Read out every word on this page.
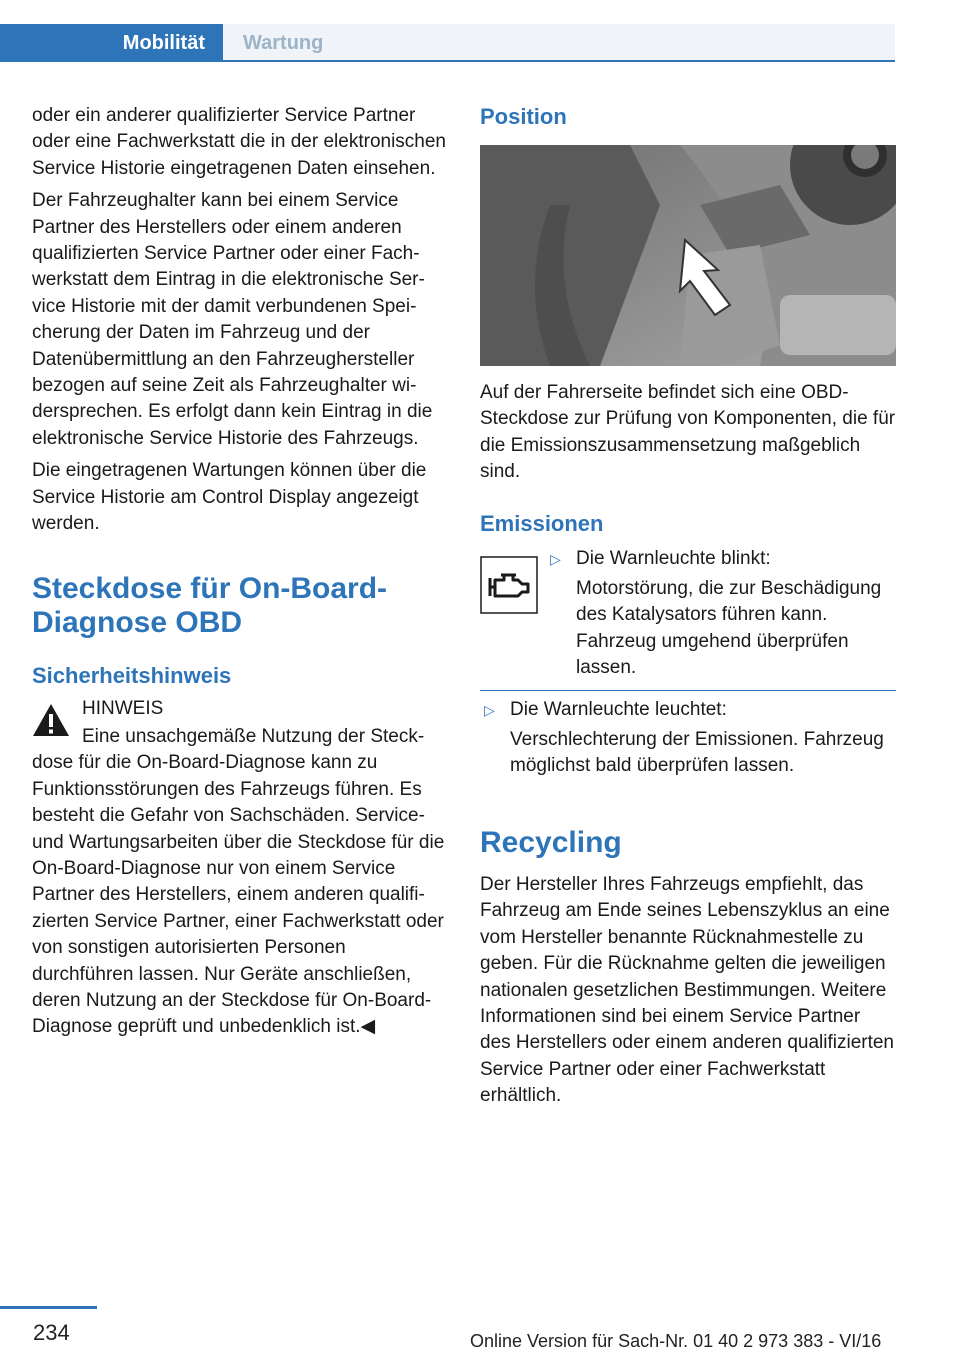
Mobilität	Wartung

oder ein anderer qualifizierter Service Partner oder eine Fachwerkstatt die in der elektronischen Service Historie eingetragenen Daten einsehen.

Der Fahrzeughalter kann bei einem Service Partner des Herstellers oder einem anderen qualifizierten Service Partner oder einer Fachwerkstatt dem Eintrag in die elektronische Service Historie mit der damit verbundenen Speicherung der Daten im Fahrzeug und der Datenübermittlung an den Fahrzeughersteller bezogen auf seine Zeit als Fahrzeughalter widersprechen. Es erfolgt dann kein Eintrag in die elektronische Service Historie des Fahrzeugs.

Die eingetragenen Wartungen können über die Service Historie am Control Display angezeigt werden.

Steckdose für On-Board-Diagnose OBD
Sicherheitshinweis
HINWEIS
Eine unsachgemäße Nutzung der Steckdose für die On-Board-Diagnose kann zu Funktionsstörungen des Fahrzeugs führen. Es besteht die Gefahr von Sachschäden. Service- und Wartungsarbeiten über die Steckdose für die On-Board-Diagnose nur von einem Service Partner des Herstellers, einem anderen qualifizierten Service Partner, einer Fachwerkstatt oder von sonstigen autorisierten Personen durchführen lassen. Nur Geräte anschließen, deren Nutzung an der Steckdose für On-Board-Diagnose geprüft und unbedenklich ist.◀
Position

Auf der Fahrerseite befindet sich eine OBD-Steckdose zur Prüfung von Komponenten, die für die Emissionszusammensetzung maßgeblich sind.

Emissionen
▷ Die Warnleuchte blinkt:
Motorstörung, die zur Beschädigung des Katalysators führen kann. Fahrzeug umgehend überprüfen lassen.
▷ Die Warnleuchte leuchtet:
Verschlechterung der Emissionen. Fahrzeug möglichst bald überprüfen lassen.
Recycling

Der Hersteller Ihres Fahrzeugs empfiehlt, das Fahrzeug am Ende seines Lebenszyklus an eine vom Hersteller benannte Rücknahmestelle zu geben. Für die Rücknahme gelten die jeweiligen nationalen gesetzlichen Bestimmungen. Weitere Informationen sind bei einem Service Partner des Herstellers oder einem anderen qualifizierten Service Partner oder einer Fachwerkstatt erhältlich.

234	Online Version für Sach-Nr. 01 40 2 973 383 - VI/16
